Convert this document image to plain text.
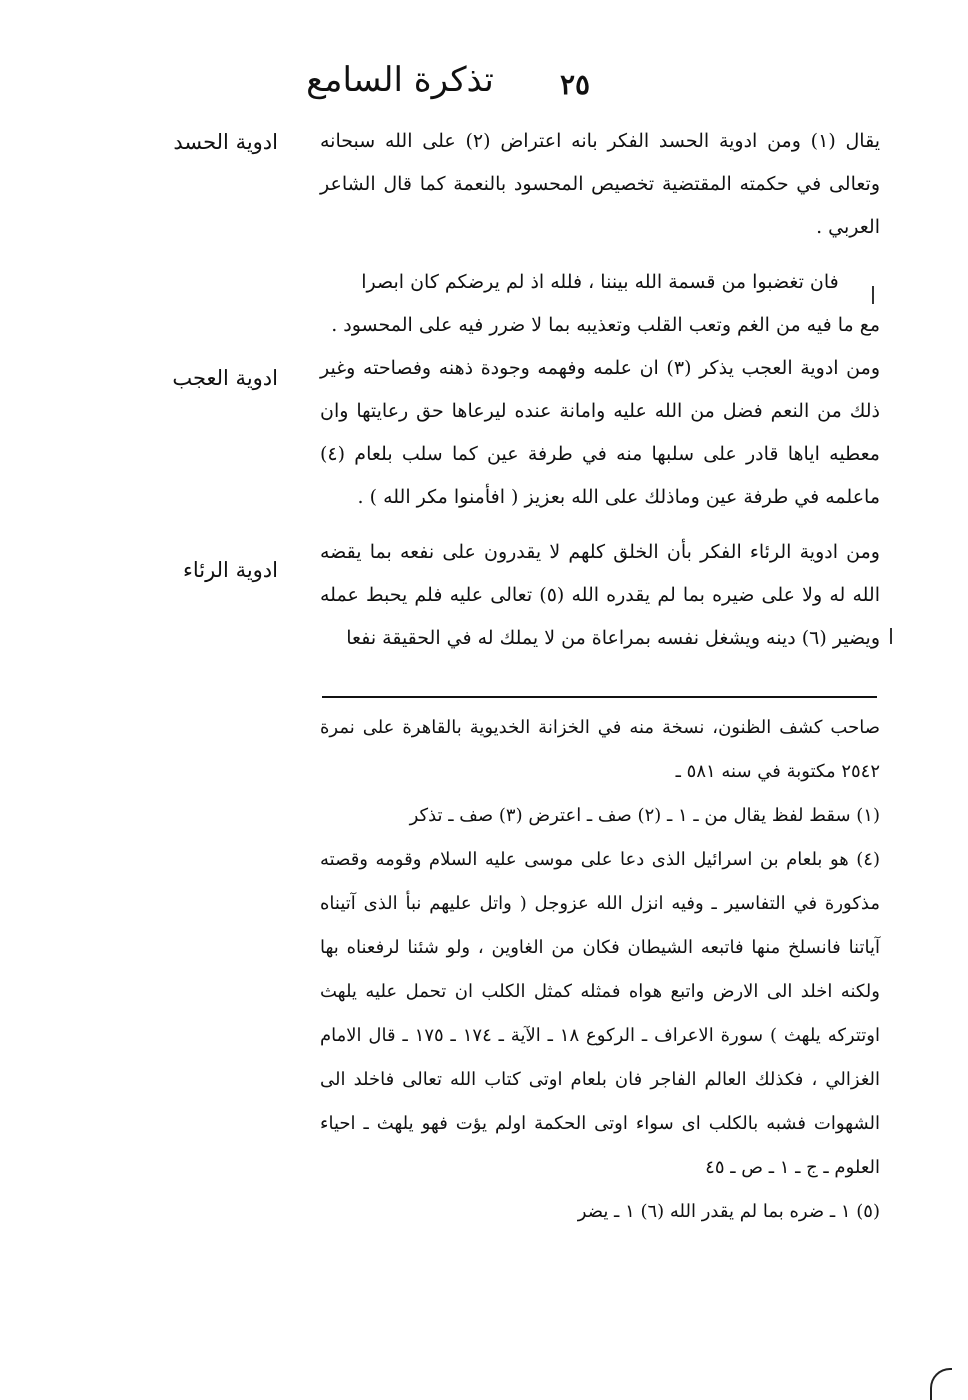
٢٥
تذكرة السامع
ادوية الحسد
ادوية العجب
ادوية الرئاء

يقال (١) ومن ادوية الحسد الفكر بانه اعتراض (٢) على الله سبحانه وتعالى في حكمته المقتضية تخصيص المحسود بالنعمة كما قال الشاعر العربي .

فان تغضبوا من قسمة الله بيننا ، فلله اذ لم يرضكم كان ابصرا

مع ما فيه من الغم وتعب القلب وتعذيبه بما لا ضرر فيه على المحسود .

ومن ادوية العجب يذكر (٣) ان علمه وفهمه وجودة ذهنه وفصاحته وغير ذلك من النعم فضل من الله عليه وامانة عنده ليرعاها حق رعايتها وان معطيه اياها قادر على سلبها منه في طرفة عين كما سلب بلعام (٤) ماعلمه في طرفة عين وماذلك على الله بعزيز ( افأمنوا مكر الله ) .

ومن ادوية الرئاء الفكر بأن الخلق كلهم لا يقدرون على نفعه بما يقضه الله له ولا على ضيره بما لم يقدره الله (٥) تعالى عليه فلم يحبط عمله ويضير (٦) دينه ويشغل نفسه بمراعاة من لا يملك له في الحقيقة نفعا

صاحب كشف الظنون، نسخة منه في الخزانة الخديوية بالقاهرة على نمرة ٢٥٤٢ مكتوبة في سنه ٥٨١ ـ

(١) سقط لفظ يقال من ـ ١ ـ (٢) صف ـ اعترض (٣) صف ـ تذكر

(٤) هو بلعام بن اسرائيل الذى دعا على موسى عليه السلام وقومه وقصته مذكورة في التفاسير ـ وفيه انزل الله عزوجل ( واتل عليهم نبأ الذى آتيناه آياتنا فانسلخ منها فاتبعه الشيطان فكان من الغاوين ، ولو شئنا لرفعناه بها ولكنه اخلد الى الارض واتبع هواه فمثله كمثل الكلب ان تحمل عليه يلهث اوتتركه يلهث ) سورة الاعراف ـ الركوع ١٨ ـ الآية ـ ١٧٤ ـ ١٧٥ ـ قال الامام الغزالي ، فكذلك العالم الفاجر فان بلعام اوتى كتاب الله تعالى فاخلد الى الشهوات فشبه بالكلب اى سواء اوتى الحكمة اولم يؤت فهو يلهث ـ احياء العلوم ـ ج ـ ١ ـ ص ـ ٤٥

(٥) ١ ـ ضره بما لم يقدر الله (٦) ١ ـ يضر
